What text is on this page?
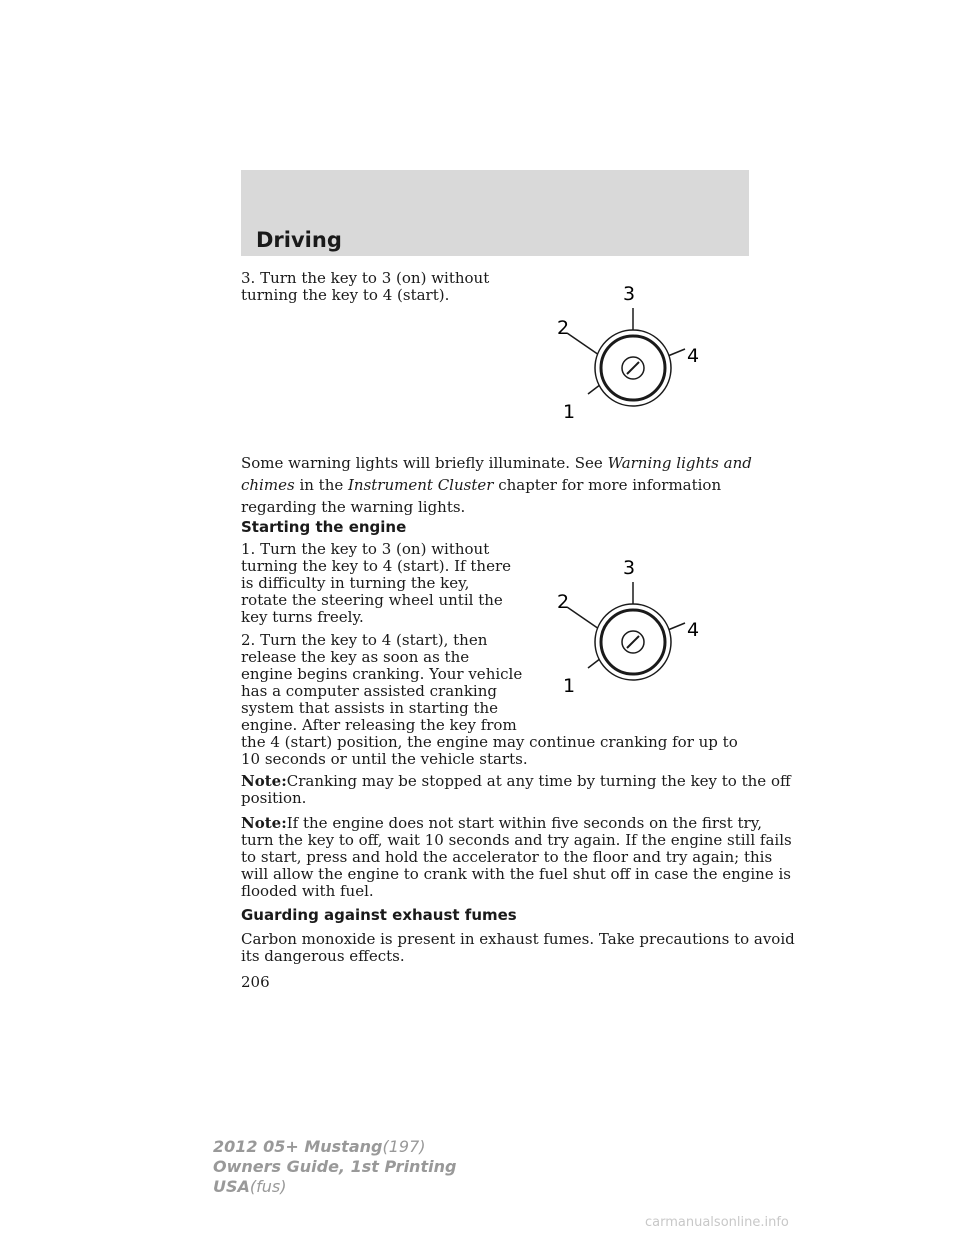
Driving

3. Turn the key to 3 (on) without

turning the key to 4 (start).	3
2
4
1

Some warning lights will briefly illuminate. See Warning lights and

chimes in the Instrument Cluster chapter for more information

regarding the warning lights.

Starting the engine

1. Turn the key to 3 (on) without

turning the key to 4 (start). If there

is difficulty in turning the key,

rotate the steering wheel until the

key turns freely.

3
2
4
1

2. Turn the key to 4 (start), then

release the key as soon as the

engine begins cranking. Your vehicle

has a computer assisted cranking

system that assists in starting the

engine. After releasing the key from

the 4 (start) position, the engine may continue cranking for up to

10 seconds or until the vehicle starts.

Note:Cranking may be stopped at any time by turning the key to the off

position.

Note:If the engine does not start within five seconds on the first try,

turn the key to off, wait 10 seconds and try again. If the engine still fails

to start, press and hold the accelerator to the floor and try again; this

will allow the engine to crank with the fuel shut off in case the engine is

flooded with fuel.

Guarding against exhaust fumes

Carbon monoxide is present in exhaust fumes. Take precautions to avoid

its dangerous effects.

206
2012 05+ Mustang(197)
Owners Guide, 1st Printing
USA(fus)
carmanualsonline.info
